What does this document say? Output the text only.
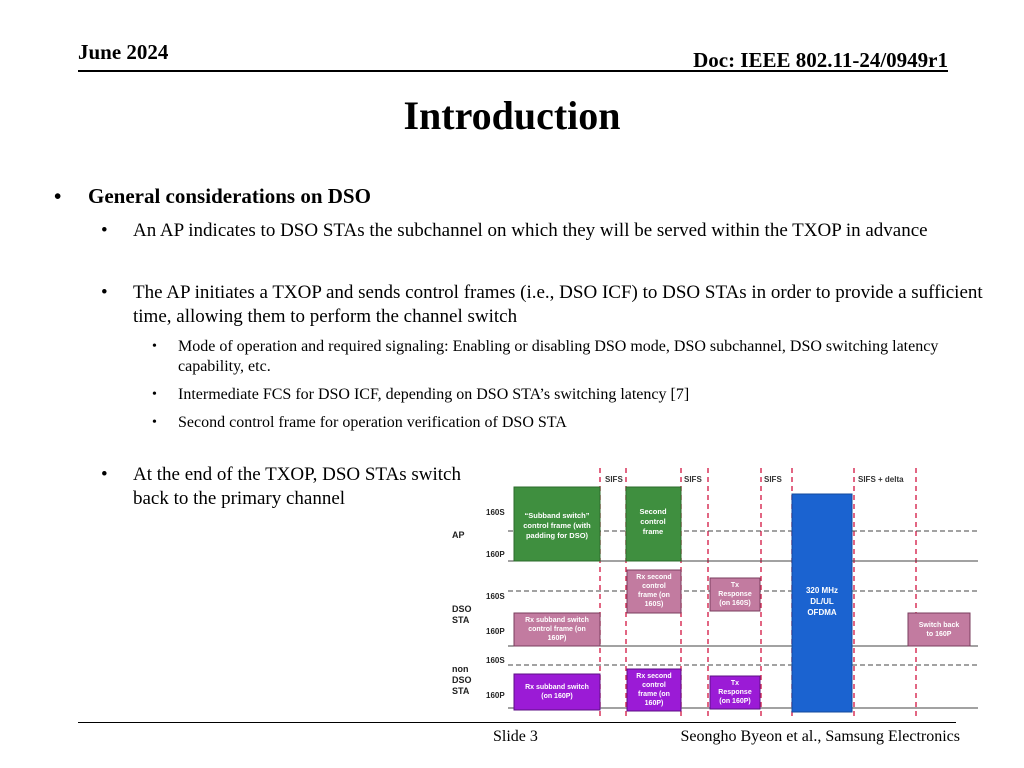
June 2024	Doc: IEEE 802.11-24/0949r1
Introduction
• General considerations on DSO
• An AP indicates to DSO STAs the subchannel on which they will be served within the TXOP in advance
• The AP initiates a TXOP and sends control frames (i.e., DSO ICF) to DSO STAs in order to provide a sufficient time, allowing them to perform the channel switch
• Mode of operation and required signaling: Enabling or disabling DSO mode, DSO subchannel, DSO switching latency capability, etc.
• Intermediate FCS for DSO ICF, depending on DSO STA’s switching latency [7]
• Second control frame for operation verification of DSO STA
• At the end of the TXOP, DSO STAs switch back to the primary channel
SIFS	SIFS	SIFS	SIFS + delta
160S
160P
160S
160P
160S
160P
AP
DSO
STA
non
DSO
STA
“Subband switch”
control frame (with
padding for DSO)
Second
control
frame
320 MHz
DL/UL
OFDMA
Rx second
control
frame (on
160S)
Tx
Response
(on 160S)
Rx subband switch
control frame (on
160P)
Switch back
to 160P
Rx subband switch
(on 160P)
Rx second
control
frame (on
160P)
Tx
Response
(on 160P)
Slide 3	Seongho Byeon et al., Samsung Electronics
